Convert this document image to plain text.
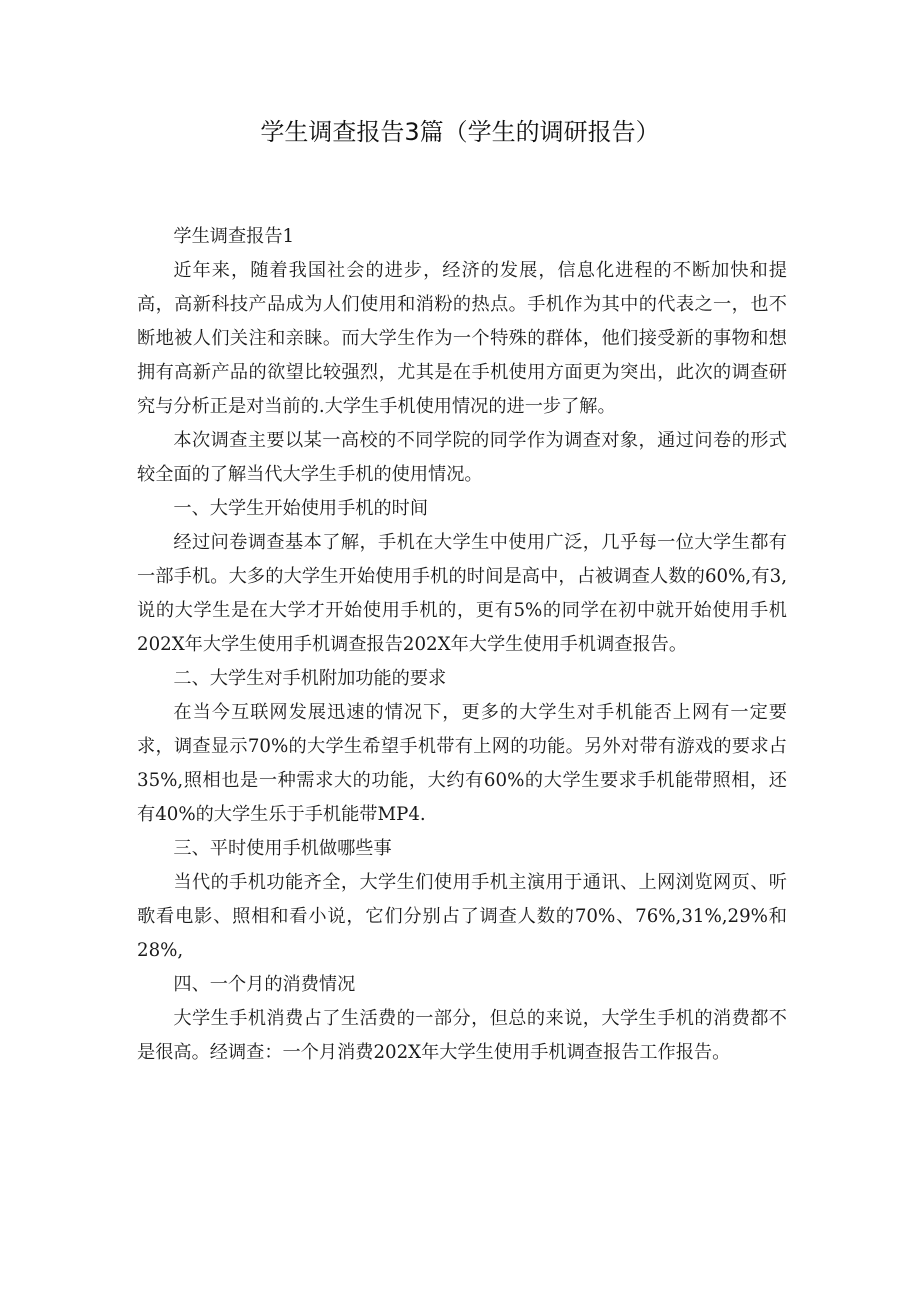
学生调查报告3篇（学生的调研报告）

学生调查报告1

近年来，随着我国社会的进步，经济的发展，信息化进程的不断加快和提高，高新科技产品成为人们使用和消粉的热点。手机作为其中的代表之一，也不断地被人们关注和亲睐。而大学生作为一个特殊的群体，他们接受新的事物和想拥有高新产品的欲望比较强烈，尤其是在手机使用方面更为突出，此次的调查研究与分析正是对当前的.大学生手机使用情况的进一步了解。

本次调查主要以某一高校的不同学院的同学作为调查对象，通过问卷的形式较全面的了解当代大学生手机的使用情况。

一、大学生开始使用手机的时间

经过问卷调查基本了解，手机在大学生中使用广泛，几乎每一位大学生都有一部手机。大多的大学生开始使用手机的时间是高中，占被调查人数的60%,有3,说的大学生是在大学才开始使用手机的，更有5%的同学在初中就开始使用手机202X年大学生使用手机调查报告202X年大学生使用手机调查报告。

二、大学生对手机附加功能的要求

在当今互联网发展迅速的情况下，更多的大学生对手机能否上网有一定要求，调查显示70%的大学生希望手机带有上网的功能。另外对带有游戏的要求占35%,照相也是一种需求大的功能，大约有60%的大学生要求手机能带照相，还有40%的大学生乐于手机能带MP4.

三、平时使用手机做哪些事

当代的手机功能齐全，大学生们使用手机主演用于通讯、上网浏览网页、听歌看电影、照相和看小说，它们分别占了调查人数的70%、76%,31%,29%和28%,

四、一个月的消费情况

大学生手机消费占了生活费的一部分，但总的来说，大学生手机的消费都不是很高。经调查：一个月消费202X年大学生使用手机调查报告工作报告。
